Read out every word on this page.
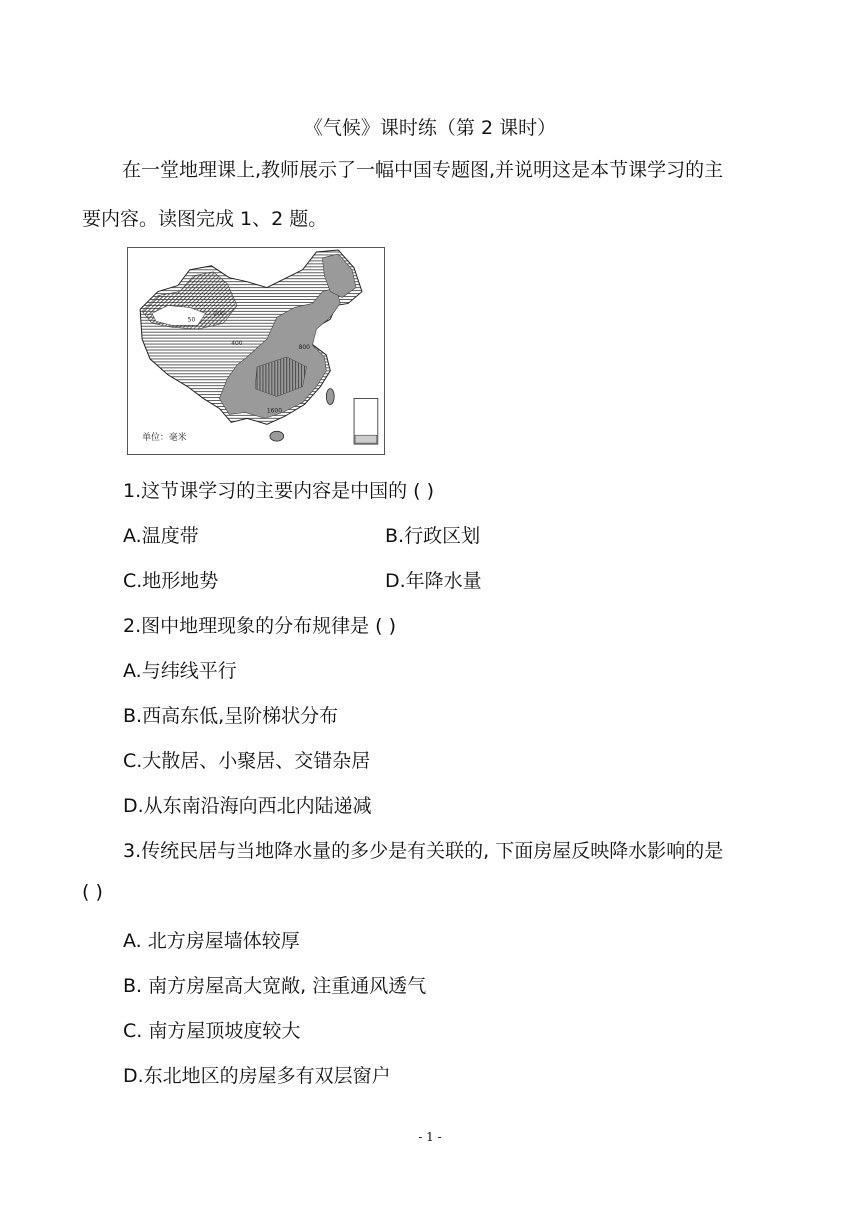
《气候》课时练（第 2 课时）
在一堂地理课上,教师展示了一幅中国专题图,并说明这是本节课学习的主
要内容。读图完成 1、2 题。
50
200
400
800
1600
单位：毫米
1.这节课学习的主要内容是中国的 ( )
A.温度带	B.行政区划
C.地形地势	D.年降水量
2.图中地理现象的分布规律是 ( )
A.与纬线平行
B.西高东低,呈阶梯状分布
C.大散居、小聚居、交错杂居
D.从东南沿海向西北内陆递减
3.传统民居与当地降水量的多少是有关联的, 下面房屋反映降水影响的是
( )
A. 北方房屋墙体较厚
B. 南方房屋高大宽敞, 注重通风透气
C. 南方屋顶坡度较大
D.东北地区的房屋多有双层窗户
- 1 -
